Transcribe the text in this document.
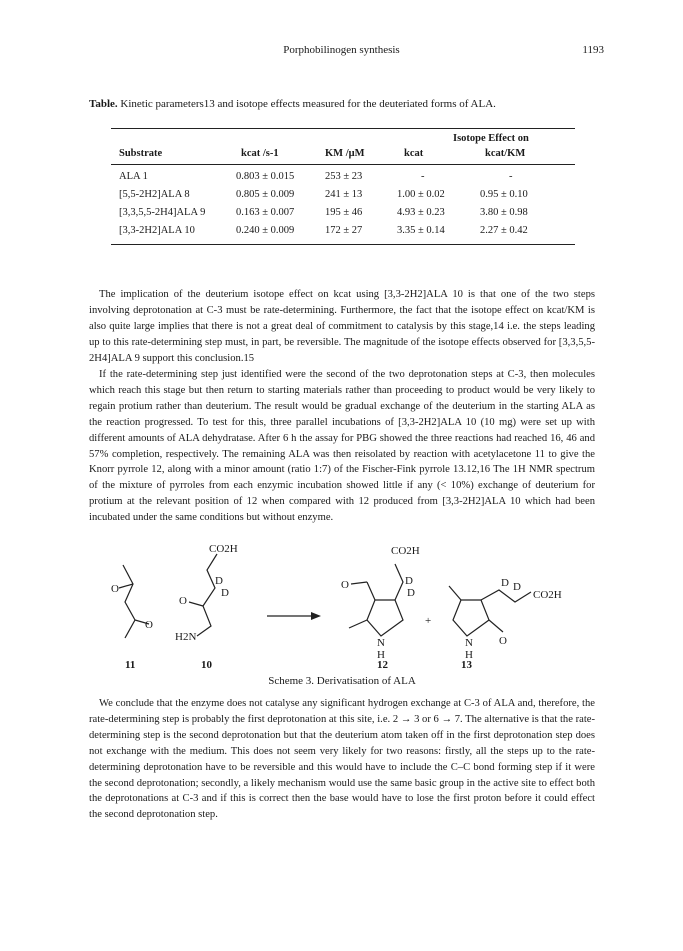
Porphobilinogen synthesis	1193
Table. Kinetic parameters13 and isotope effects measured for the deuteriated forms of ALA.
Isotope Effect on
Substrate	kcat /s-1	KM /μM	kcat	kcat/KM
ALA 1	0.803 ± 0.015	253 ± 23	-	-
[5,5-2H2]ALA 8	0.805 ± 0.009	241 ± 13	1.00 ± 0.02	0.95 ± 0.10
[3,3,5,5-2H4]ALA 9	0.163 ± 0.007	195 ± 46	4.93 ± 0.23	3.80 ± 0.98
[3,3-2H2]ALA 10	0.240 ± 0.009	172 ± 27	3.35 ± 0.14	2.27 ± 0.42

The implication of the deuterium isotope effect on kcat using [3,3-2H2]ALA 10 is that one of the two steps involving deprotonation at C-3 must be rate-determining. Furthermore, the fact that the isotope effect on kcat/KM is also quite large implies that there is not a great deal of commitment to catalysis by this stage,14 i.e. the steps leading up to this rate-determining step must, in part, be reversible. The magnitude of the isotope effects observed for [3,3,5,5-2H4]ALA 9 support this conclusion.15

If the rate-determining step just identified were the second of the two deprotonation steps at C-3, then molecules which reach this stage but then return to starting materials rather than proceeding to product would be very likely to regain protium rather than deuterium. The result would be gradual exchange of the deuterium in the starting ALA as the reaction progressed. To test for this, three parallel incubations of [3,3-2H2]ALA 10 (10 mg) were set up with different amounts of ALA dehydratase. After 6 h the assay for PBG showed the three reactions had reached 16, 46 and 57% completion, respectively. The remaining ALA was then reisolated by reaction with acetylacetone 11 to give the Knorr pyrrole 12, along with a minor amount (ratio 1:7) of the Fischer-Fink pyrrole 13.12,16 The 1H NMR spectrum of the mixture of pyrroles from each enzymic incubation showed little if any (< 10%) exchange of deuterium for protium at the relevant position of 12 when compared with 12 produced from [3,3-2H2]ALA 10 which had been incubated under the same conditions but without enzyme.

O
O
CO2H
D
D
O
H2N
O
CO2H
D
D
N
H
+
N
H
O
D D
CO2H
11	10	12	13
Scheme 3. Derivatisation of ALA

We conclude that the enzyme does not catalyse any significant hydrogen exchange at C-3 of ALA and, therefore, the rate-determining step is probably the first deprotonation at this site, i.e. 2 → 3 or 6 → 7. The alternative is that the rate-determining step is the second deprotonation but that the deuterium atom taken off in the first deprotonation step does not exchange with the medium. This does not seem very likely for two reasons: firstly, all the steps up to the rate-determining deprotonation have to be reversible and this would have to include the C–C bond forming step if it were the second deprotonation; secondly, a likely mechanism would use the same basic group in the active site to effect both the deprotonations at C-3 and if this is correct then the base would have to lose the first proton before it could effect the second deprotonation step.
